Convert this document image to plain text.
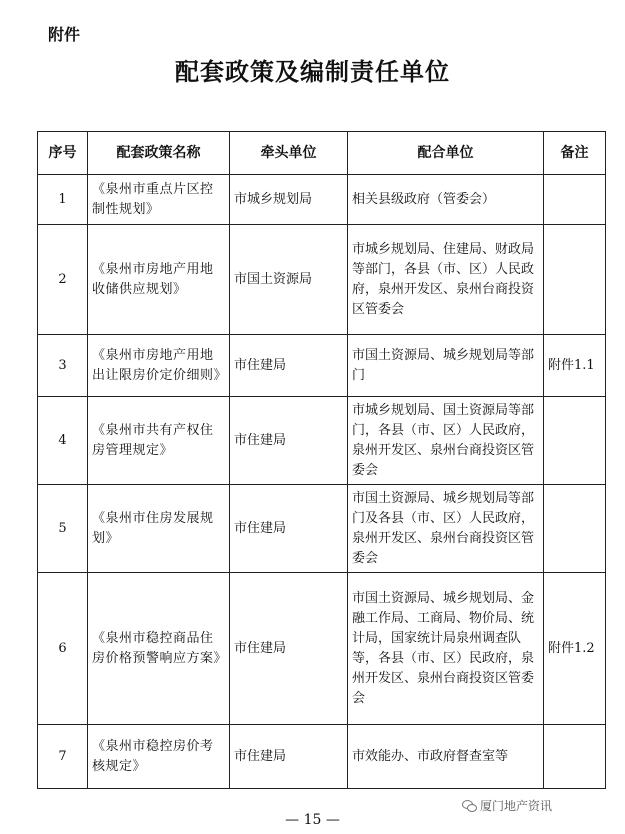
附件
配套政策及编制责任单位
序号	配套政策名称	牵头单位	配合单位	备注
1	《泉州市重点片区控制性规划》	市城乡规划局	相关县级政府（管委会）	
2	《泉州市房地产用地收储供应规划》	市国土资源局	市城乡规划局、住建局、财政局等部门，各县（市、区）人民政府，泉州开发区、泉州台商投资区管委会	
3	《泉州市房地产用地出让限房价定价细则》	市住建局	市国土资源局、城乡规划局等部门	附件1.1
4	《泉州市共有产权住房管理规定》	市住建局	市城乡规划局、国土资源局等部门，各县（市、区）人民政府，泉州开发区、泉州台商投资区管委会	
5	《泉州市住房发展规划》	市住建局	市国土资源局、城乡规划局等部门及各县（市、区）人民政府，泉州开发区、泉州台商投资区管委会	
6	《泉州市稳控商品住房价格预警响应方案》	市住建局	市国土资源局、城乡规划局、金融工作局、工商局、物价局、统计局，国家统计局泉州调查队等，各县（市、区）民政府，泉州开发区、泉州台商投资区管委会	附件1.2
7	《泉州市稳控房价考核规定》	市住建局	市效能办、市政府督查室等	
厦门地产资讯
— 15 —
